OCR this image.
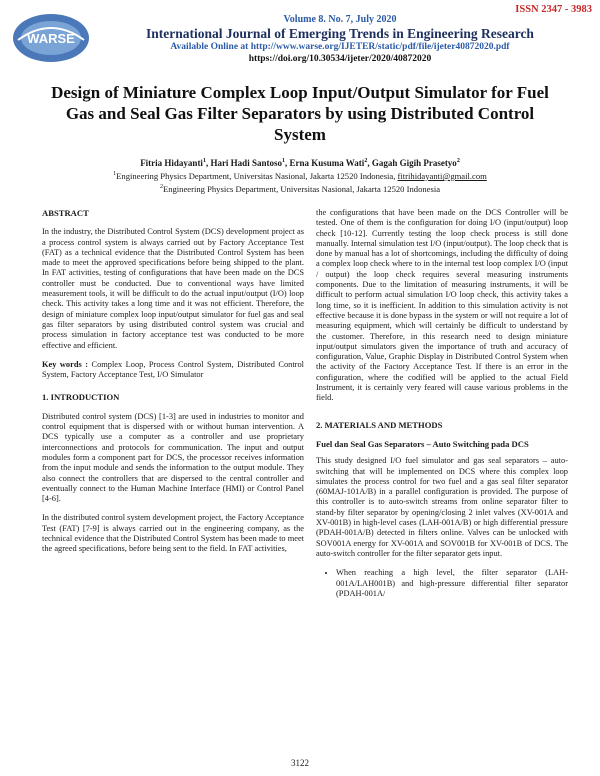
ISSN 2347 - 3983
WARSE
Volume 8. No. 7, July 2020
International Journal of Emerging Trends in Engineering Research
Available Online at http://www.warse.org/IJETER/static/pdf/file/ijeter40872020.pdf
https://doi.org/10.30534/ijeter/2020/40872020
Design of Miniature Complex Loop Input/Output Simulator for Fuel Gas and Seal Gas Filter Separators by using Distributed Control System
Fitria Hidayanti$^1$, Hari Hadi Santoso$^1$, Erna Kusuma Wati$^2$, Gagah Gigih Prasetyo$^2$
$^1$Engineering Physics Department, Universitas Nasional, Jakarta 12520 Indonesia, fitrihidayanti@gmail.com
$^2$Engineering Physics Department, Universitas Nasional, Jakarta 12520 Indonesia
ABSTRACT

In the industry, the Distributed Control System (DCS) development project as a process control system is always carried out by Factory Acceptance Test (FAT) as a technical evidence that the Distributed Control System has been made to meet the approved specifications before being shipped to the plant. In FAT activities, testing of configurations that have been made on the DCS controller must be conducted. Due to conventional ways have limited measurement tools, it will be difficult to do the actual input/output (I/O) loop check. This activity takes a long time and it was not efficient. Therefore, the design of miniature complex loop input/output simulator for fuel gas and seal gas filter separators by using distributed control system was crucial and process simulation in factory acceptance test was conducted to be more effective and efficient.

Key words : Complex Loop, Process Control System, Distributed Control System, Factory Acceptance Test, I/O Simulator

1. INTRODUCTION

Distributed control system (DCS) [1-3] are used in industries to monitor and control equipment that is dispersed with or without human intervention. A DCS typically use a computer as a controller and use proprietary interconnections and protocols for communication. The input and output modules form a component part for DCS, the processor receives information from the input module and sends the information to the output module. They also connect the controllers that are dispersed to the central controller and eventually connect to the Human Machine Interface (HMI) or Control Panel [4-6].

In the distributed control system development project, the Factory Acceptance Test (FAT) [7-9] is always carried out in the engineering company, as the technical evidence that the Distributed Control System has been made to meet the agreed specifications, before being sent to the field. In FAT activities,

the configurations that have been made on the DCS Controller will be tested. One of them is the configuration for doing I/O (input/output) loop check [10-12]. Currently testing the loop check process is still done manually. Internal simulation test I/O (input/output). The loop check that is done by manual has a lot of shortcomings, including the difficulty of doing a complex loop check where to in the internal test loop complex I/O (input / output) the loop check requires several measuring instruments components. Due to the limitation of measuring instruments, it will be difficult to perform actual simulation I/O loop check, this activity takes a long time, so it is inefficient. In addition to this simulation activity is not effective because it is done bypass in the system or will not require a lot of measuring equipment, which will certainly be difficult to understand by the customer. Therefore, in this research need to design miniature input/output simulators given the importance of truth and accuracy of configuration, Value, Graphic Display in Distributed Control System when the activity of the Factory Acceptance Test. If there is an error in the configuration, where the codified will be applied to the actual Field Instrument, it is certainly very feared will cause various problems in the field.

2. MATERIALS AND METHODS
Fuel dan Seal Gas Separators – Auto Switching pada DCS

This study designed I/O fuel simulator and gas seal separators – auto-switching that will be implemented on DCS where this complex loop simulates the process control for two fuel and a gas seal filter separator (60MAJ-101A/B) in a parallel configuration is provided. The purpose of this controller is to auto-switch streams from online separator filter to stand-by filter separator by opening/closing 2 inlet valves (XV-001A and XV-001B) in high-level cases (LAH-001A/B) or high differential pressure (PDAH-001A/B) detected in filters online. Valves can be unlocked with SOV001A energy for XV-001A and SOV001B for XV-001B of DCS. The auto-switch controller for the filter separator gets input.

• When reaching a high level, the filter separator (LAH-001A/LAH001B) and high-pressure differential filter separator (PDAH-001A/
3122
